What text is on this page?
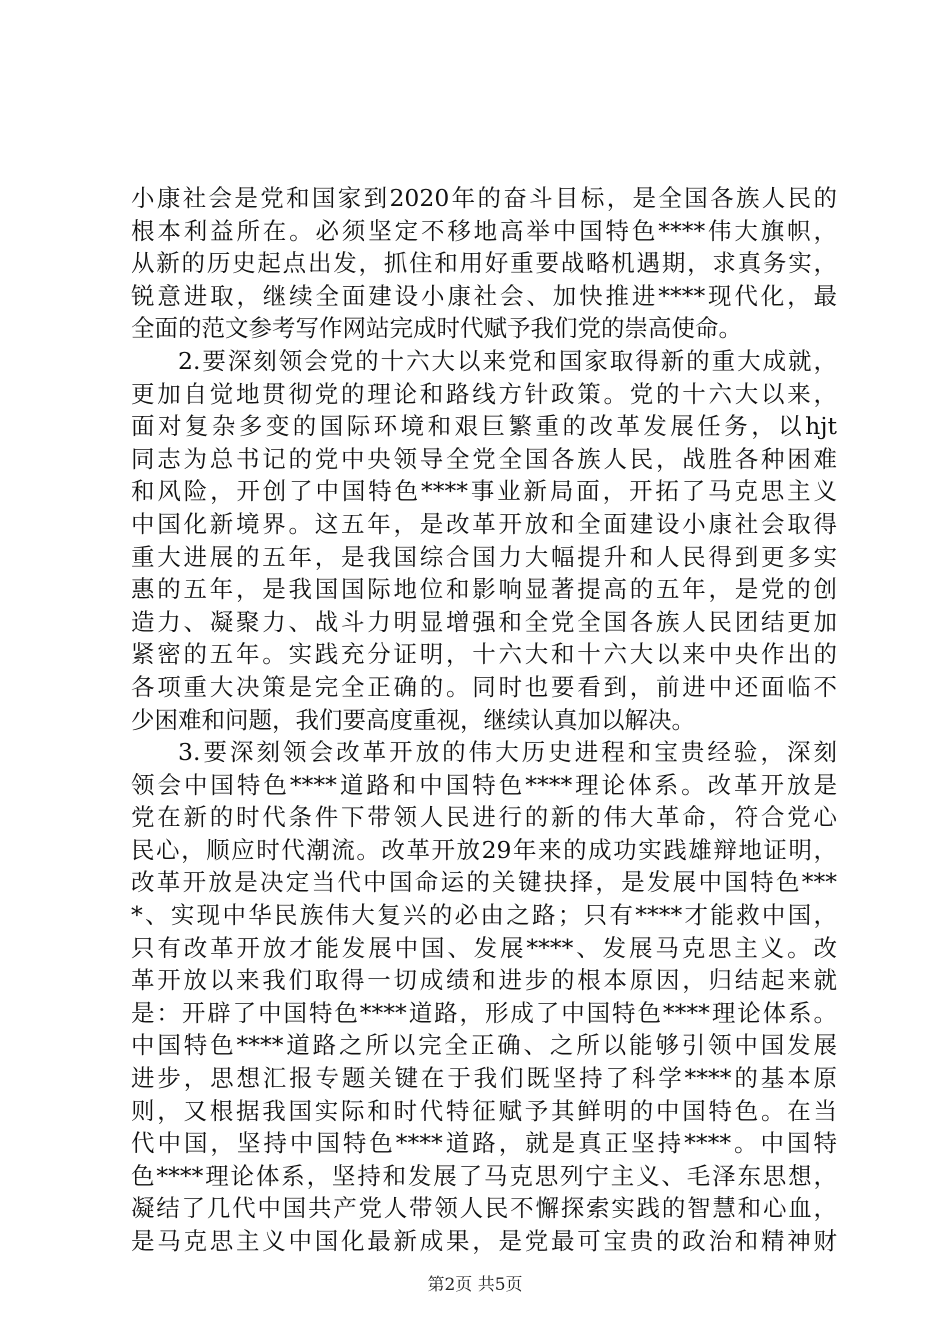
小康社会是党和国家到2020年的奋斗目标，是全国各族人民的
根本利益所在。必须坚定不移地高举中国特色****伟大旗帜，
从新的历史起点出发，抓住和用好重要战略机遇期，求真务实，
锐意进取，继续全面建设小康社会、加快推进****现代化，最
全面的范文参考写作网站完成时代赋予我们党的崇高使命。
2.要深刻领会党的十六大以来党和国家取得新的重大成就，
更加自觉地贯彻党的理论和路线方针政策。党的十六大以来，
面对复杂多变的国际环境和艰巨繁重的改革发展任务，以hjt
同志为总书记的党中央领导全党全国各族人民，战胜各种困难
和风险，开创了中国特色****事业新局面，开拓了马克思主义
中国化新境界。这五年，是改革开放和全面建设小康社会取得
重大进展的五年，是我国综合国力大幅提升和人民得到更多实
惠的五年，是我国国际地位和影响显著提高的五年，是党的创
造力、凝聚力、战斗力明显增强和全党全国各族人民团结更加
紧密的五年。实践充分证明，十六大和十六大以来中央作出的
各项重大决策是完全正确的。同时也要看到，前进中还面临不
少困难和问题，我们要高度重视，继续认真加以解决。
3.要深刻领会改革开放的伟大历史进程和宝贵经验，深刻
领会中国特色****道路和中国特色****理论体系。改革开放是
党在新的时代条件下带领人民进行的新的伟大革命，符合党心
民心，顺应时代潮流。改革开放29年来的成功实践雄辩地证明，
改革开放是决定当代中国命运的关键抉择，是发展中国特色***
*、实现中华民族伟大复兴的必由之路；只有****才能救中国，
只有改革开放才能发展中国、发展****、发展马克思主义。改
革开放以来我们取得一切成绩和进步的根本原因，归结起来就
是：开辟了中国特色****道路，形成了中国特色****理论体系。
中国特色****道路之所以完全正确、之所以能够引领中国发展
进步，思想汇报专题关键在于我们既坚持了科学****的基本原
则，又根据我国实际和时代特征赋予其鲜明的中国特色。在当
代中国，坚持中国特色****道路，就是真正坚持****。中国特
色****理论体系，坚持和发展了马克思列宁主义、毛泽东思想，
凝结了几代中国共产党人带领人民不懈探索实践的智慧和心血，
是马克思主义中国化最新成果，是党最可宝贵的政治和精神财
第2页 共5页
